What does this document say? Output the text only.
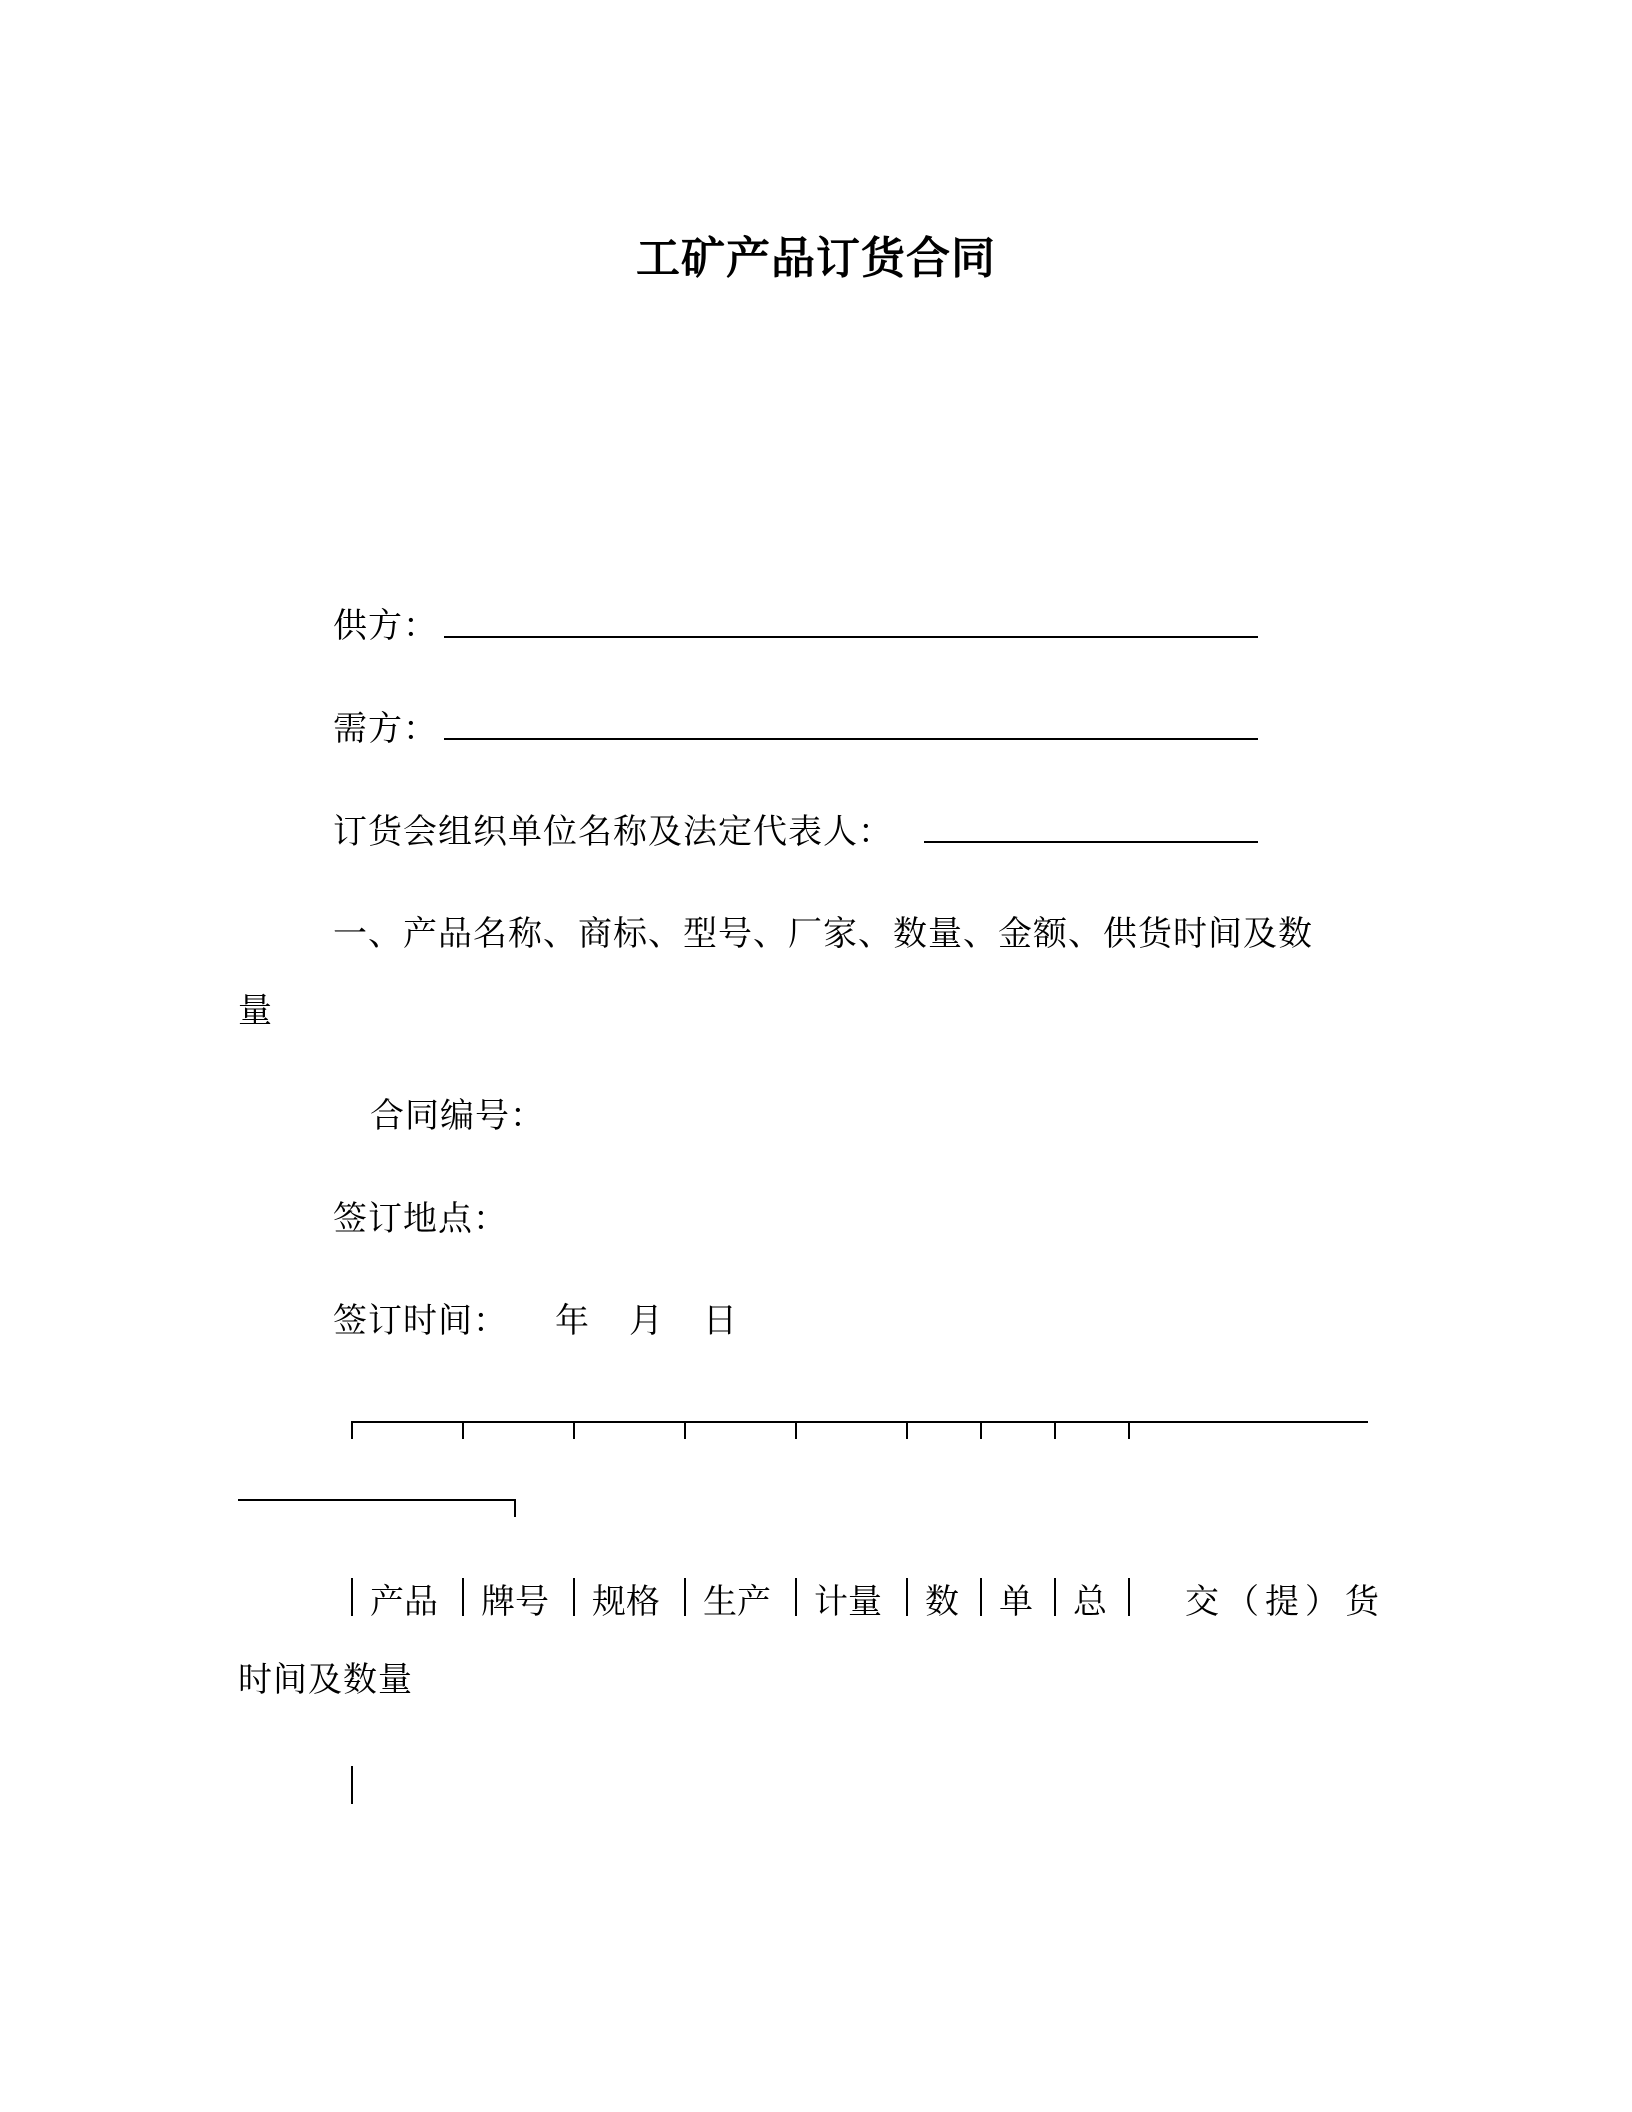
工矿产品订货合同
供方：
需方：
订货会组织单位名称及法定代表人：
一、产品名称、商标、型号、厂家、数量、金额、供货时间及数
量
合同编号：
签订地点：
签订时间： 年 月 日
产品 牌号 规格 生产 计量 数 单 总 交（提）货
时间及数量
